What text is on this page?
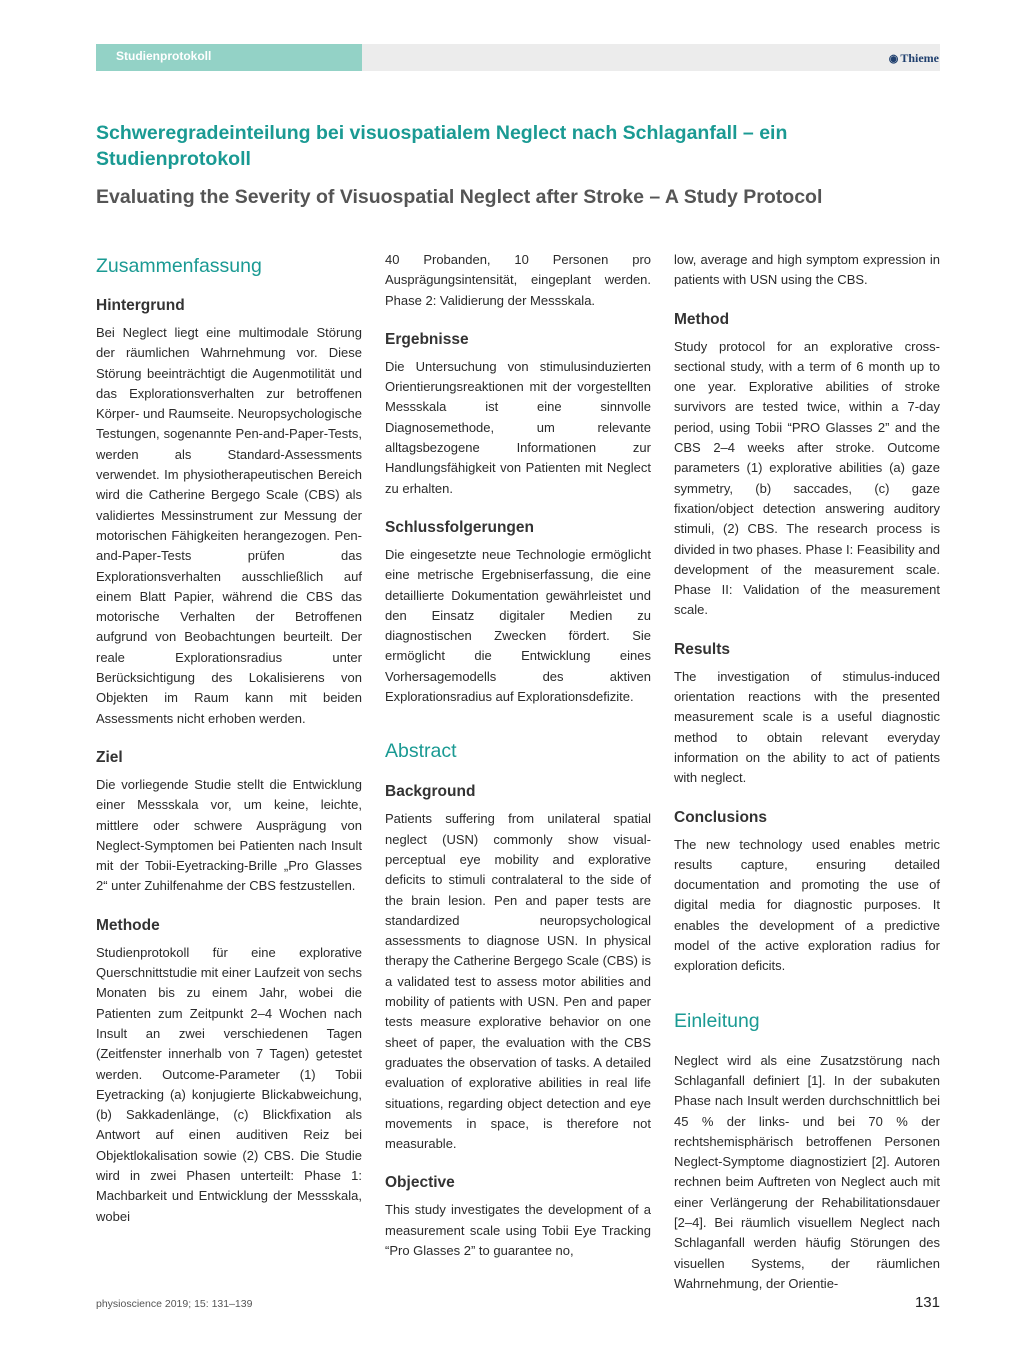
Studienprotokoll	◉ Thieme
Schweregradeinteilung bei visuospatialem Neglect nach Schlaganfall – ein Studienprotokoll
Evaluating the Severity of Visuospatial Neglect after Stroke – A Study Protocol
Zusammenfassung
Hintergrund

Bei Neglect liegt eine multimodale Störung der räumlichen Wahrnehmung vor. Diese Störung beeinträchtigt die Augenmotilität und das Explorationsverhalten zur betroffenen Körper- und Raumseite. Neuropsychologische Testungen, sogenannte Pen-and-Paper-Tests, werden als Standard-Assessments verwendet. Im physiotherapeutischen Bereich wird die Catherine Bergego Scale (CBS) als validiertes Messinstrument zur Messung der motorischen Fähigkeiten herangezogen. Pen-and-Paper-Tests prüfen das Explorationsverhalten ausschließlich auf einem Blatt Papier, während die CBS das motorische Verhalten der Betroffenen aufgrund von Beobachtungen beurteilt. Der reale Explorationsradius unter Berücksichtigung des Lokalisierens von Objekten im Raum kann mit beiden Assessments nicht erhoben werden.

Ziel

Die vorliegende Studie stellt die Entwicklung einer Messskala vor, um keine, leichte, mittlere oder schwere Ausprägung von Neglect-Symptomen bei Patienten nach Insult mit der Tobii-Eyetracking-Brille „Pro Glasses 2“ unter Zuhilfenahme der CBS festzustellen.

Methode

Studienprotokoll für eine explorative Querschnittstudie mit einer Laufzeit von sechs Monaten bis zu einem Jahr, wobei die Patienten zum Zeitpunkt 2–4 Wochen nach Insult an zwei verschiedenen Tagen (Zeitfenster innerhalb von 7 Tagen) getestet werden. Outcome-Parameter (1) Tobii Eyetracking (a) konjugierte Blickabweichung, (b) Sakkadenlänge, (c) Blickfixation als Antwort auf einen auditiven Reiz bei Objektlokalisation sowie (2) CBS. Die Studie wird in zwei Phasen unterteilt: Phase 1: Machbarkeit und Entwicklung der Messskala, wobei

40 Probanden, 10 Personen pro Ausprägungsintensität, eingeplant werden. Phase 2: Validierung der Messskala.

Ergebnisse

Die Untersuchung von stimulusinduzierten Orientierungsreaktionen mit der vorgestellten Messskala ist eine sinnvolle Diagnosemethode, um relevante alltagsbezogene Informationen zur Handlungsfähigkeit von Patienten mit Neglect zu erhalten.

Schlussfolgerungen

Die eingesetzte neue Technologie ermöglicht eine metrische Ergebniserfassung, die eine detaillierte Dokumentation gewährleistet und den Einsatz digitaler Medien zu diagnostischen Zwecken fördert. Sie ermöglicht die Entwicklung eines Vorhersagemodells des aktiven Explorationsradius auf Explorationsdefizite.

Abstract
Background

Patients suffering from unilateral spatial neglect (USN) commonly show visual-perceptual eye mobility and explorative deficits to stimuli contralateral to the side of the brain lesion. Pen and paper tests are standardized neuropsychological assessments to diagnose USN. In physical therapy the Catherine Bergego Scale (CBS) is a validated test to assess motor abilities and mobility of patients with USN. Pen and paper tests measure explorative behavior on one sheet of paper, the evaluation with the CBS graduates the observation of tasks. A detailed evaluation of explorative abilities in real life situations, regarding object detection and eye movements in space, is therefore not measurable.

Objective

This study investigates the development of a measurement scale using Tobii Eye Tracking “Pro Glasses 2” to guarantee no,

low, average and high symptom expression in patients with USN using the CBS.

Method

Study protocol for an explorative cross-sectional study, with a term of 6 month up to one year. Explorative abilities of stroke survivors are tested twice, within a 7-day period, using Tobii “PRO Glasses 2” and the CBS 2–4 weeks after stroke. Outcome parameters (1) explorative abilities (a) gaze symmetry, (b) saccades, (c) gaze fixation/object detection answering auditory stimuli, (2) CBS. The research process is divided in two phases. Phase I: Feasibility and development of the measurement scale. Phase II: Validation of the measurement scale.

Results

The investigation of stimulus-induced orientation reactions with the presented measurement scale is a useful diagnostic method to obtain relevant everyday information on the ability to act of patients with neglect.

Conclusions

The new technology used enables metric results capture, ensuring detailed documentation and promoting the use of digital media for diagnostic purposes. It enables the development of a predictive model of the active exploration radius for exploration deficits.

Einleitung

Neglect wird als eine Zusatzstörung nach Schlaganfall definiert [1]. In der subakuten Phase nach Insult werden durchschnittlich bei 45 % der links- und bei 70 % der rechtshemisphärisch betroffenen Personen Neglect-Symptome diagnostiziert [2]. Autoren rechnen beim Auftreten von Neglect auch mit einer Verlängerung der Rehabilitationsdauer [2–4]. Bei räumlich visuellem Neglect nach Schlaganfall werden häufig Störungen des visuellen Systems, der räumlichen Wahrnehmung, der Orientie-

physioscience 2019; 15: 131–139	131
